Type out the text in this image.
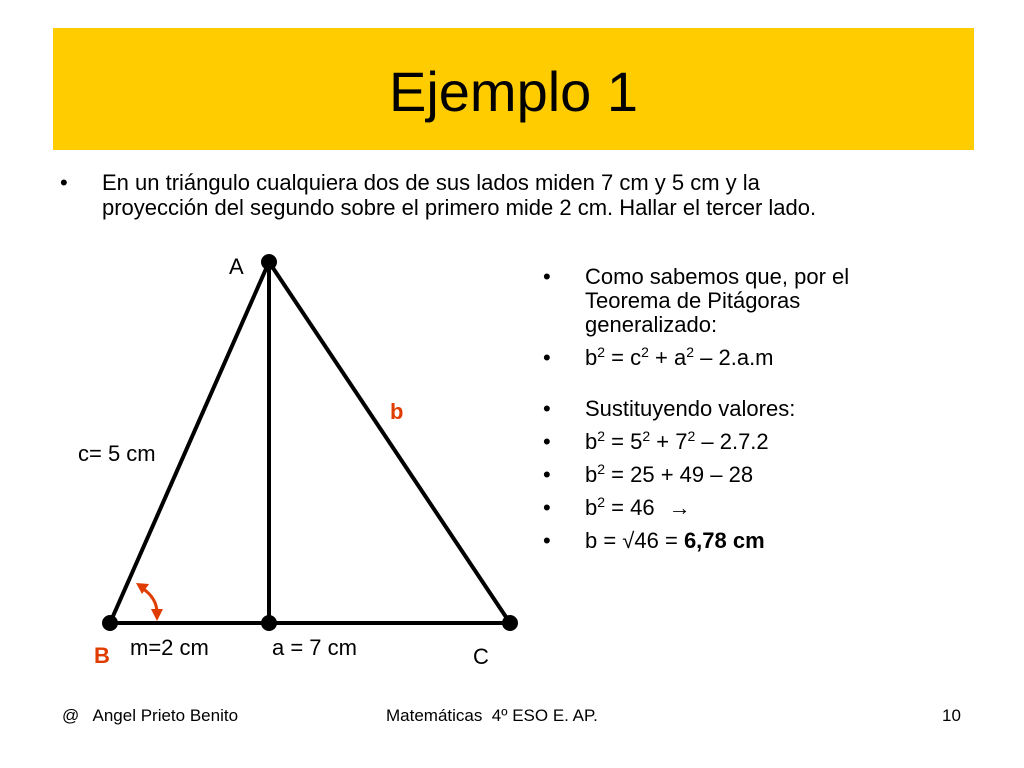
Ejemplo 1
•	En un triángulo cualquiera dos de sus lados miden 7 cm y 5 cm y la
proyección del segundo sobre el primero mide 2 cm. Hallar el tercer lado.
A
b
c= 5 cm
B m=2 cm	a = 7 cm	C
•	Como sabemos que, por el
Teorema de Pitágoras
generalizado:
•	$b^2 = c^2 + a^2 - 2.a.m$
•	Sustituyendo valores:
•	$b^2 = 5^2 + 7^2 - 2.7.2$
•	$b^2 = 25 + 49 - 28$
•	$b^2 = 46$ →
•	b = √46 = 6,78 cm
@   Angel Prieto Benito	Matemáticas  4º ESO E. AP.	10
